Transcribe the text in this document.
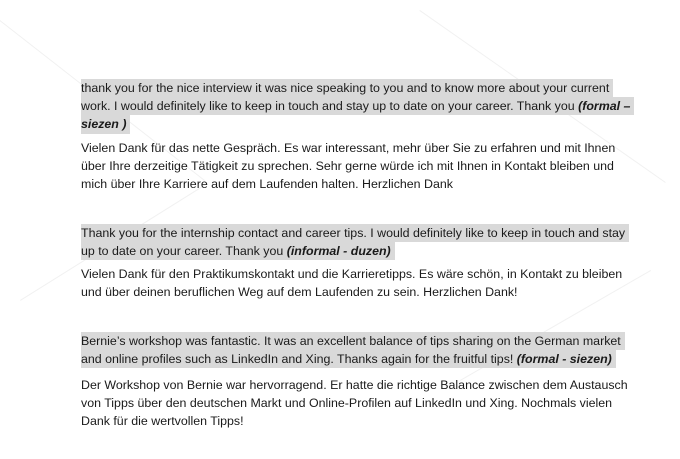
thank you for the nice interview it was nice speaking to you and to know more about your current
work. I would definitely like to keep in touch and stay up to date on your career. Thank you (formal –
siezen )
Vielen Dank für das nette Gespräch. Es war interessant, mehr über Sie zu erfahren und mit Ihnen
über Ihre derzeitige Tätigkeit zu sprechen. Sehr gerne würde ich mit Ihnen in Kontakt bleiben und
mich über Ihre Karriere auf dem Laufenden halten. Herzlichen Dank
Thank you for the internship contact and career tips. I would definitely like to keep in touch and stay
up to date on your career. Thank you (informal - duzen)
Vielen Dank für den Praktikumskontakt und die Karrieretipps. Es wäre schön, in Kontakt zu bleiben
und über deinen beruflichen Weg auf dem Laufenden zu sein. Herzlichen Dank!
Bernie’s workshop was fantastic. It was an excellent balance of tips sharing on the German market
and online profiles such as LinkedIn and Xing. Thanks again for the fruitful tips! (formal - siezen)
Der Workshop von Bernie war hervorragend. Er hatte die richtige Balance zwischen dem Austausch
von Tipps über den deutschen Markt und Online-Profilen auf LinkedIn und Xing. Nochmals vielen
Dank für die wertvollen Tipps!
